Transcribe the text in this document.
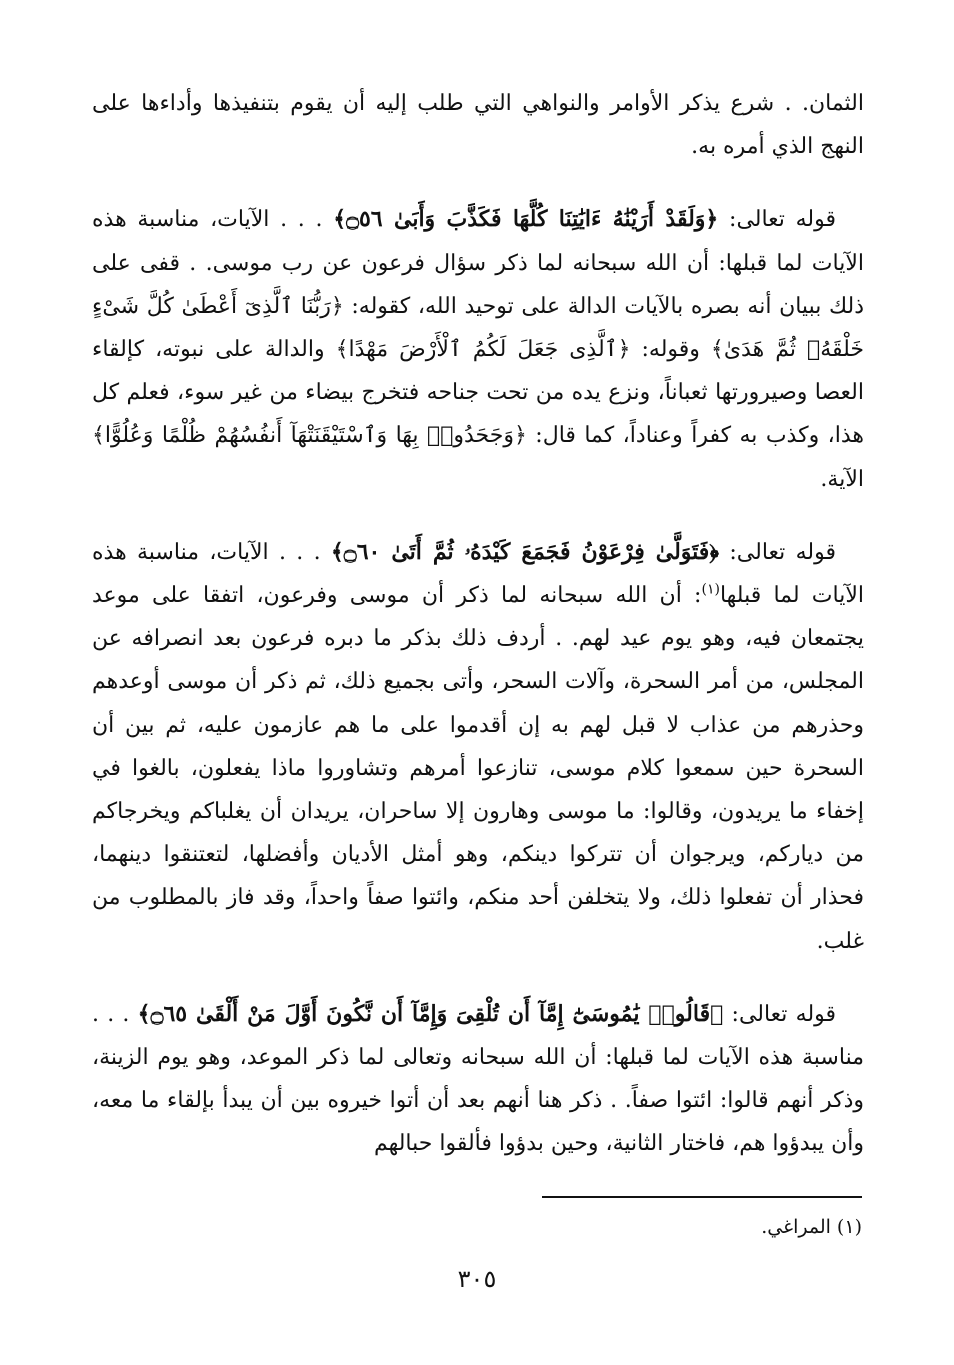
الثمان. . شرع يذكر الأوامر والنواهي التي طلب إليه أن يقوم بتنفيذها وأداءها على النهج الذي أمره به.

قوله تعالى: ﴿وَلَقَدْ أَرَيْنَٰهُ ءَايَٰتِنَا كُلَّهَا فَكَذَّبَ وَأَبَىٰ ۝٥٦﴾ . . . الآيات، مناسبة هذه الآيات لما قبلها: أن الله سبحانه لما ذكر سؤال فرعون عن رب موسى. . قفى على ذلك ببيان أنه بصره بالآيات الدالة على توحيد الله، كقوله: ﴿رَبُّنَا ٱلَّذِىٓ أَعْطَىٰ كُلَّ شَىْءٍ خَلْقَهُۥ ثُمَّ هَدَىٰ﴾ وقوله: ﴿ٱلَّذِى جَعَلَ لَكُمُ ٱلْأَرْضَ مَهْدًا﴾ والدالة على نبوته، كإلقاء العصا وصيرورتها ثعباناً، ونزع يده من تحت جناحه فتخرج بيضاء من غير سوء، فعلم كل هذا، وكذب به كفراً وعناداً، كما قال: ﴿وَجَحَدُوا۟ بِهَا وَٱسْتَيْقَنَتْهَآ أَنفُسُهُمْ ظُلْمًا وَعُلُوًّا﴾ الآية.

قوله تعالى: ﴿فَتَوَلَّىٰ فِرْعَوْنُ فَجَمَعَ كَيْدَهُۥ ثُمَّ أَتَىٰ ۝٦٠﴾ . . . الآيات، مناسبة هذه الآيات لما قبلها$^{(١)}$: أن الله سبحانه لما ذكر أن موسى وفرعون، اتفقا على موعد يجتمعان فيه، وهو يوم عيد لهم. . أردف ذلك بذكر ما دبره فرعون بعد انصرافه عن المجلس، من أمر السحرة، وآلات السحر، وأتى بجميع ذلك، ثم ذكر أن موسى أوعدهم وحذرهم من عذاب لا قبل لهم به إن أقدموا على ما هم عازمون عليه، ثم بين أن السحرة حين سمعوا كلام موسى، تنازعوا أمرهم وتشاوروا ماذا يفعلون، بالغوا في إخفاء ما يريدون، وقالوا: ما موسى وهارون إلا ساحران، يريدان أن يغلباكم ويخرجاكم من دياركم، ويرجوان أن تتركوا دينكم، وهو أمثل الأديان وأفضلها، لتعتنقوا دينهما، فحذار أن تفعلوا ذلك، ولا يتخلفن أحد منكم، وائتوا صفاً واحداً، وقد فاز بالمطلوب من غلب.

قوله تعالى: ﴿قَالُوا۟ يَٰمُوسَىٰٓ إِمَّآ أَن تُلْقِىَ وَإِمَّآ أَن نَّكُونَ أَوَّلَ مَنْ أَلْقَىٰ ۝٦٥﴾ . . . مناسبة هذه الآيات لما قبلها: أن الله سبحانه وتعالى لما ذكر الموعد، وهو يوم الزينة، وذكر أنهم قالوا: ائتوا صفاً. . ذكر هنا أنهم بعد أن أتوا خيروه بين أن يبدأ بإلقاء ما معه، وأن يبدؤوا هم، فاختار الثانية، وحين بدؤوا فألقوا حبالهم

(١) المراغي.

٣٠٥
